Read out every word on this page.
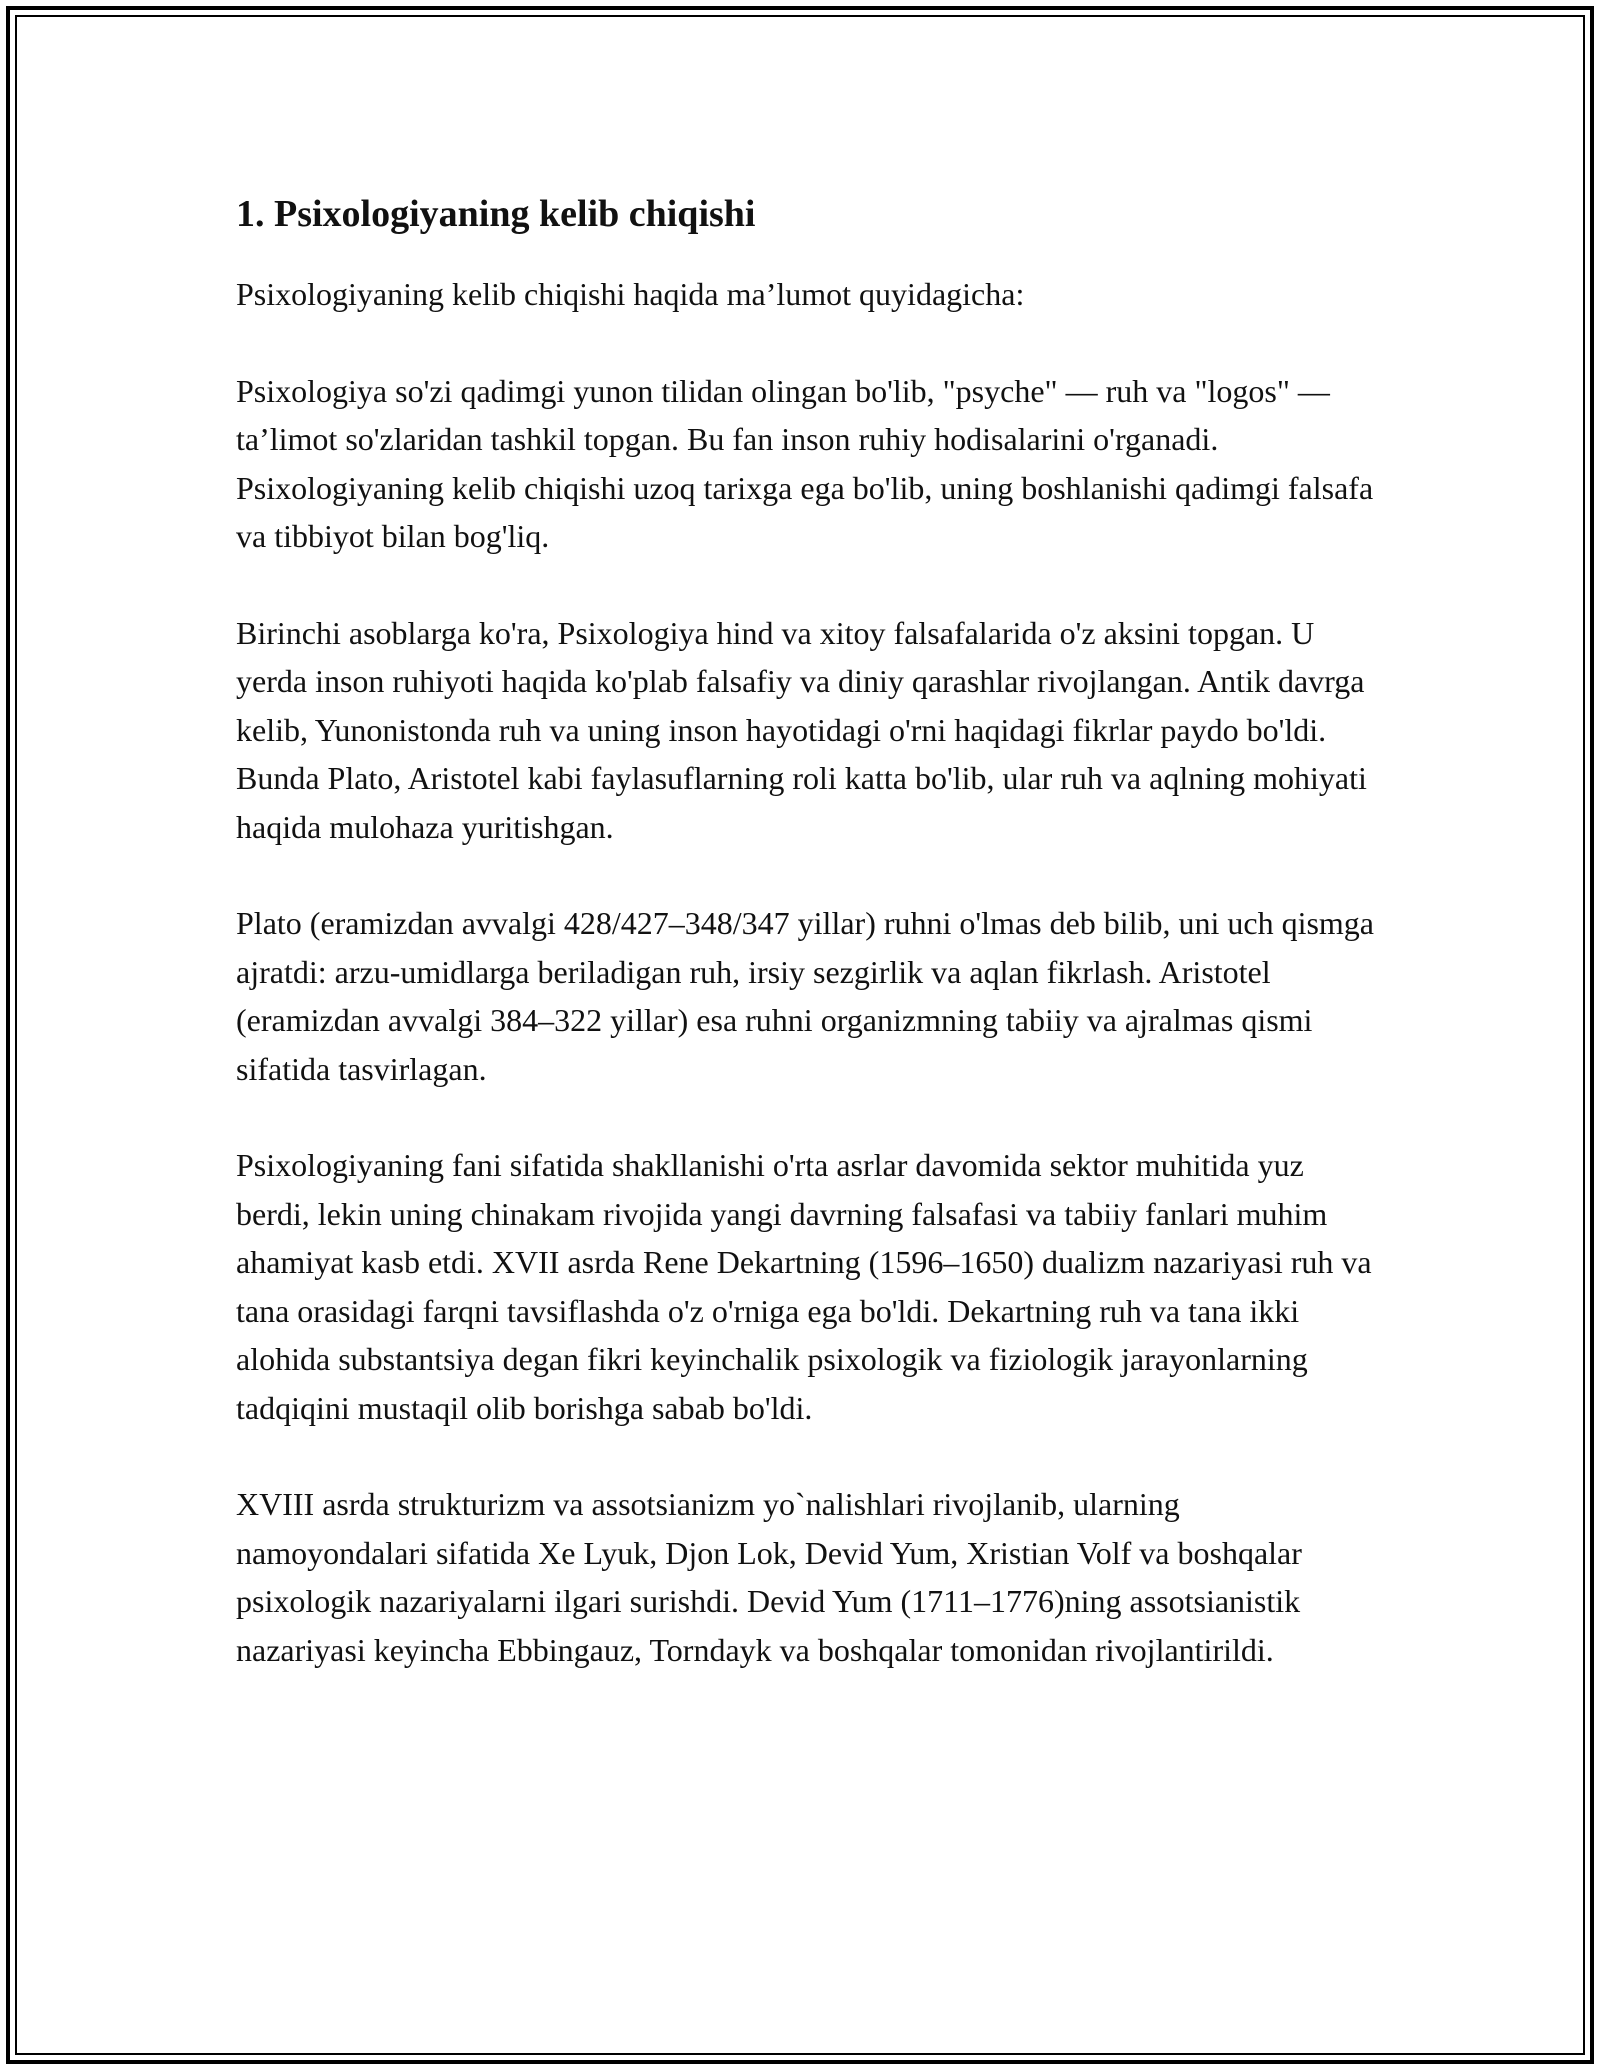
1. Psixologiyaning kelib chiqishi

Psixologiyaning kelib chiqishi haqida ma’lumot quyidagicha:

Psixologiya so'zi qadimgi yunon tilidan olingan bo'lib, "psyche" — ruh va "logos" — ta’limot so'zlaridan tashkil topgan. Bu fan inson ruhiy hodisalarini o'rganadi. Psixologiyaning kelib chiqishi uzoq tarixga ega bo'lib, uning boshlanishi qadimgi falsafa va tibbiyot bilan bog'liq.

Birinchi asoblarga ko'ra, Psixologiya hind va xitoy falsafalarida o'z aksini topgan. U yerda inson ruhiyoti haqida ko'plab falsafiy va diniy qarashlar rivojlangan. Antik davrga kelib, Yunonistonda ruh va uning inson hayotidagi o'rni haqidagi fikrlar paydo bo'ldi. Bunda Plato, Aristotel kabi faylasuflarning roli katta bo'lib, ular ruh va aqlning mohiyati haqida mulohaza yuritishgan.

Plato (eramizdan avvalgi 428/427–348/347 yillar) ruhni o'lmas deb bilib, uni uch qismga ajratdi: arzu-umidlarga beriladigan ruh, irsiy sezgirlik va aqlan fikrlash. Aristotel (eramizdan avvalgi 384–322 yillar) esa ruhni organizmning tabiiy va ajralmas qismi sifatida tasvirlagan.

Psixologiyaning fani sifatida shakllanishi o'rta asrlar davomida sektor muhitida yuz berdi, lekin uning chinakam rivojida yangi davrning falsafasi va tabiiy fanlari muhim ahamiyat kasb etdi. XVII asrda Rene Dekartning (1596–1650) dualizm nazariyasi ruh va tana orasidagi farqni tavsiflashda o'z o'rniga ega bo'ldi. Dekartning ruh va tana ikki alohida substantsiya degan fikri keyinchalik psixologik va fiziologik jarayonlarning tadqiqini mustaqil olib borishga sabab bo'ldi.

XVIII asrda strukturizm va assotsianizm yo`nalishlari rivojlanib, ularning namoyondalari sifatida Xe Lyuk, Djon Lok, Devid Yum, Xristian Volf va boshqalar psixologik nazariyalarni ilgari surishdi. Devid Yum (1711–1776)ning assotsianistik nazariyasi keyincha Ebbingauz, Torndayk va boshqalar tomonidan rivojlantirildi.
